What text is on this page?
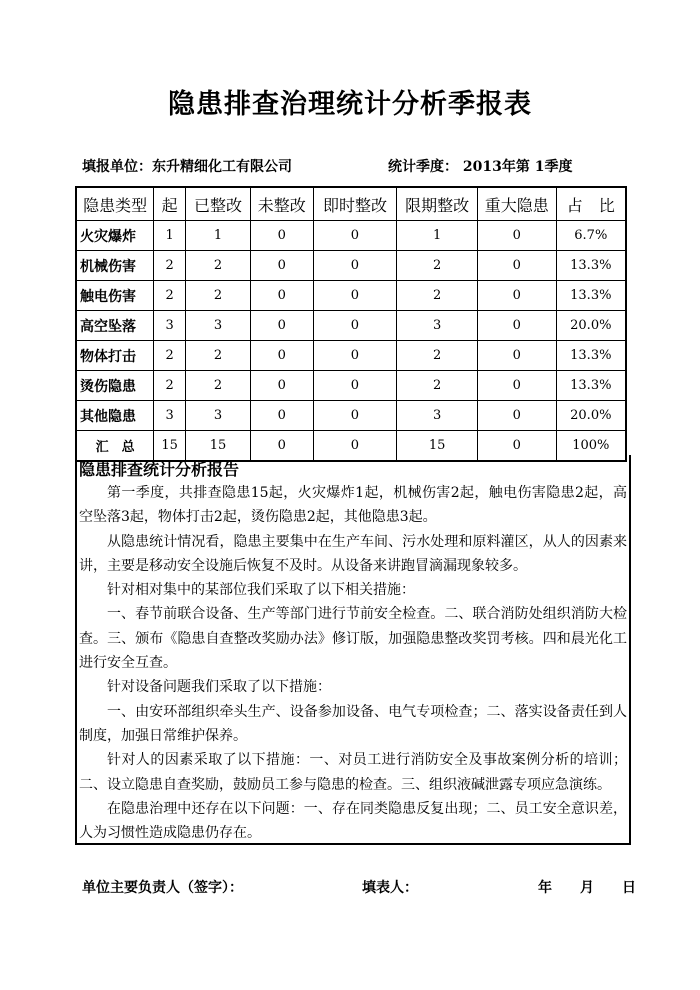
隐患排查治理统计分析季报表
填报单位：东升精细化工有限公司	统计季度： 2013年第 1季度
隐患类型	起	已整改	未整改	即时整改	限期整改	重大隐患	占　比
火灾爆炸	1	1	0	0	1	0	6.7%
机械伤害	2	2	0	0	2	0	13.3%
触电伤害	2	2	0	0	2	0	13.3%
高空坠落	3	3	0	0	3	0	20.0%
物体打击	2	2	0	0	2	0	13.3%
烫伤隐患	2	2	0	0	2	0	13.3%
其他隐患	3	3	0	0	3	0	20.0%
汇　总	15	15	0	0	15	0	100%
隐患排查统计分析报告

第一季度，共排查隐患15起，火灾爆炸1起，机械伤害2起，触电伤害隐患2起，高空坠落3起，物体打击2起，烫伤隐患2起，其他隐患3起。

从隐患统计情况看，隐患主要集中在生产车间、污水处理和原料灌区，从人的因素来讲，主要是移动安全设施后恢复不及时。从设备来讲跑冒滴漏现象较多。

针对相对集中的某部位我们采取了以下相关措施：

一、春节前联合设备、生产等部门进行节前安全检查。二、联合消防处组织消防大检查。三、颁布《隐患自查整改奖励办法》修订版，加强隐患整改奖罚考核。四和晨光化工进行安全互查。

针对设备问题我们采取了以下措施：

一、由安环部组织牵头生产、设备参加设备、电气专项检查；二、落实设备责任到人制度，加强日常维护保养。

针对人的因素采取了以下措施：一、对员工进行消防安全及事故案例分析的培训；二、设立隐患自查奖励，鼓励员工参与隐患的检查。三、组织液碱泄露专项应急演练。

在隐患治理中还存在以下问题：一、存在同类隐患反复出现；二、员工安全意识差，人为习惯性造成隐患仍存在。

单位主要负责人（签字）：	填表人：	年　　月　　日
